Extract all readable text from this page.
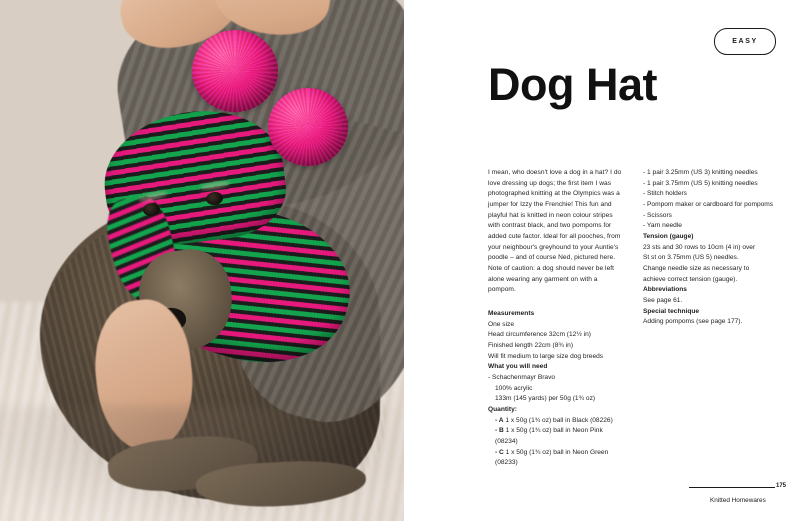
EASY
Dog Hat

I mean, who doesn't love a dog in a hat? I do love dressing up dogs; the first item I was photographed knitting at the Olympics was a jumper for Izzy the Frenchie! This fun and playful hat is knitted in neon colour stripes with contrast black, and two pompoms for added cute factor. Ideal for all pooches, from your neighbour's greyhound to your Auntie's poodle – and of course Ned, pictured here. Note of caution: a dog should never be left alone wearing any garment on with a pompom.

Measurements
One size
Head circumference 32cm (12½ in)
Finished length 22cm (8¾ in)
Will fit medium to large size dog breeds
What you will need
- Schachenmayr Bravo
100% acrylic
133m (145 yards) per 50g (1¾ oz)
Quantity:
- A 1 x 50g (1¾ oz) ball in Black (08226)
- B 1 x 50g (1¾ oz) ball in Neon Pink (08234)
- C 1 x 50g (1¾ oz) ball in Neon Green (08233)
- 1 pair 3.25mm (US 3) knitting needles
- 1 pair 3.75mm (US 5) knitting needles
- Stitch holders
- Pompom maker or cardboard for pompoms
- Scissors
- Yarn needle
Tension (gauge)
23 sts and 30 rows to 10cm (4 in) over
St st on 3.75mm (US 5) needles.
Change needle size as necessary to
achieve correct tension (gauge).
Abbreviations
See page 61.
Special technique
Adding pompoms (see page 177).
175
Knitted Homewares
